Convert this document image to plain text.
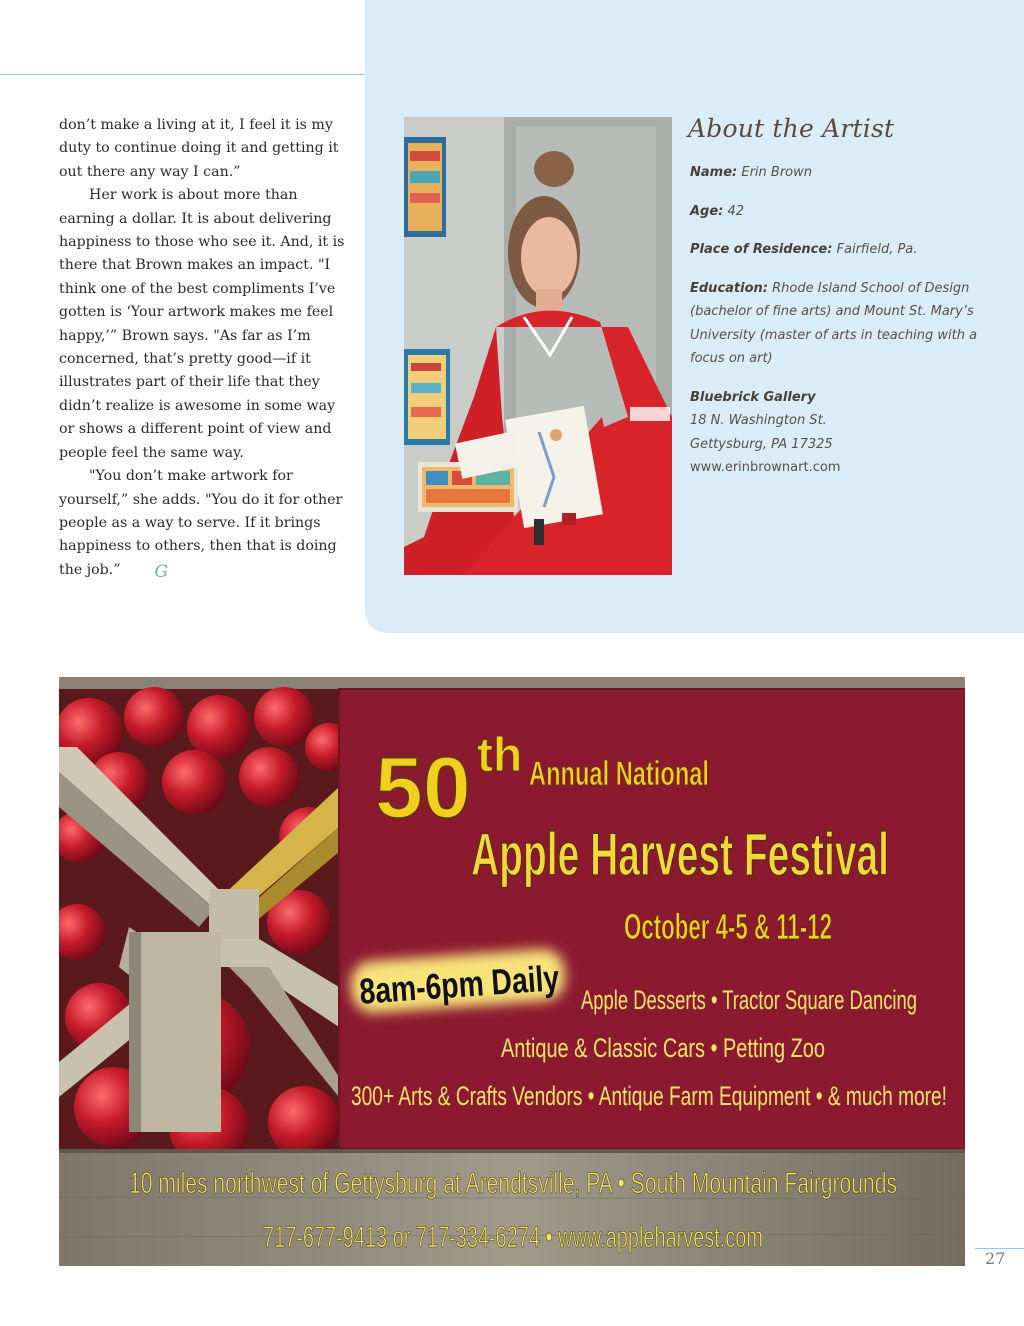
don’t make a living at it, I feel it is my duty to continue doing it and getting it out there any way I can.”

Her work is about more than earning a dollar. It is about delivering happiness to those who see it. And, it is there that Brown makes an impact. "I think one of the best compliments I’ve gotten is ‘Your artwork makes me feel happy,’” Brown says. "As far as I’m concerned, that’s pretty good—if it illustrates part of their life that they didn’t realize is awesome in some way or shows a different point of view and people feel the same way.

"You don’t make artwork for yourself,” she adds. "You do it for other people as a way to serve. If it brings happiness to others, then that is doing the job.” G

About the Artist
Name: Erin Brown
Age: 42
Place of Residence: Fairfield, Pa.
Education: Rhode Island School of Design (bachelor of fine arts) and Mount St. Mary’s University (master of arts in teaching with a focus on art)
Bluebrick Gallery
18 N. Washington St.
Gettysburg, PA 17325
www.erinbrownart.com
50 th Annual National
Apple Harvest Festival
October 4-5 & 11-12
8am-6pm Daily
Apple Desserts • Tractor Square Dancing
Antique & Classic Cars • Petting Zoo
300+ Arts & Crafts Vendors • Antique Farm Equipment • & much more!
10 miles northwest of Gettysburg at Arendtsville, PA • South Mountain Fairgrounds
717-677-9413 or 717-334-6274 • www.appleharvest.com
27
